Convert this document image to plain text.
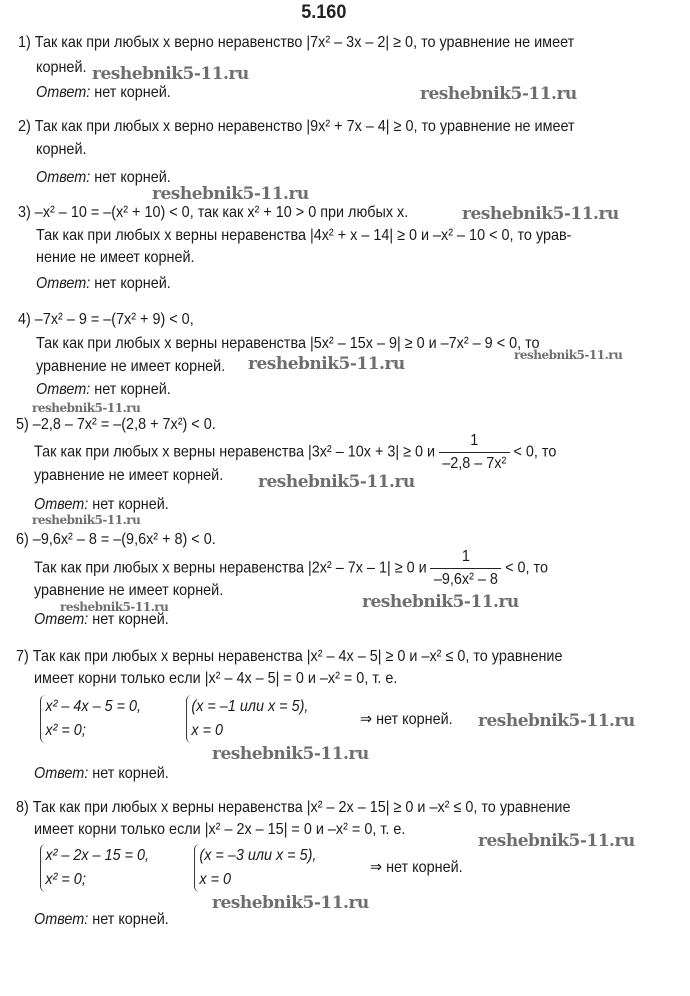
5.160
1) Так как при любых x верно неравенство |7x² – 3x – 2| ≥ 0, то уравнение не имеет
корней.
Ответ: нет корней.
2) Так как при любых x верно неравенство |9x² + 7x – 4| ≥ 0, то уравнение не имеет
корней.
Ответ: нет корней.
3) –x² – 10 = –(x² + 10) < 0, так как x² + 10 > 0 при любых x.
Так как при любых x верны неравенства |4x² + x – 14| ≥ 0 и –x² – 10 < 0, то урав-
нение не имеет корней.
Ответ: нет корней.
4) –7x² – 9 = –(7x² + 9) < 0,
Так как при любых x верны неравенства |5x² – 15x – 9| ≥ 0 и –7x² – 9 < 0, то
уравнение не имеет корней.
Ответ: нет корней.
5) –2,8 – 7x² = –(2,8 + 7x²) < 0.
Так как при любых x верны неравенства |3x² – 10x + 3| ≥ 0 и $\frac{1}{\text{–2,8 – 7x²}} < 0$, то
уравнение не имеет корней.
Ответ: нет корней.
6) –9,6x² – 8 = –(9,6x² + 8) < 0.
Так как при любых x верны неравенства |2x² – 7x – 1| ≥ 0 и $\frac{1}{\text{–9,6x² – 8}} < 0$, то
уравнение не имеет корней.
Ответ: нет корней.
7) Так как при любых x верны неравенства |x² – 4x – 5| ≥ 0 и –x² ≤ 0, то уравнение
имеет корни только если |x² – 4x – 5| = 0 и –x² = 0, т. е.
x² – 4x – 5 = 0,
x² = 0;
(x = –1 или x = 5),
x = 0
⇒ нет корней.
Ответ: нет корней.
8) Так как при любых x верны неравенства |x² – 2x – 15| ≥ 0 и –x² ≤ 0, то уравнение
имеет корни только если |x² – 2x – 15| = 0 и –x² = 0, т. е.
x² – 2x – 15 = 0,
x² = 0;
(x = –3 или x = 5),
x = 0
⇒ нет корней.
Ответ: нет корней.
reshebnik5-11.ru
reshebnik5-11.ru
reshebnik5-11.ru
reshebnik5-11.ru
reshebnik5-11.ru
reshebnik5-11.ru
reshebnik5-11.ru
reshebnik5-11.ru
reshebnik5-11.ru
reshebnik5-11.ru	reshebnik5-11.ru
reshebnik5-11.ru
reshebnik5-11.ru
reshebnik5-11.ru
reshebnik5-11.ru
